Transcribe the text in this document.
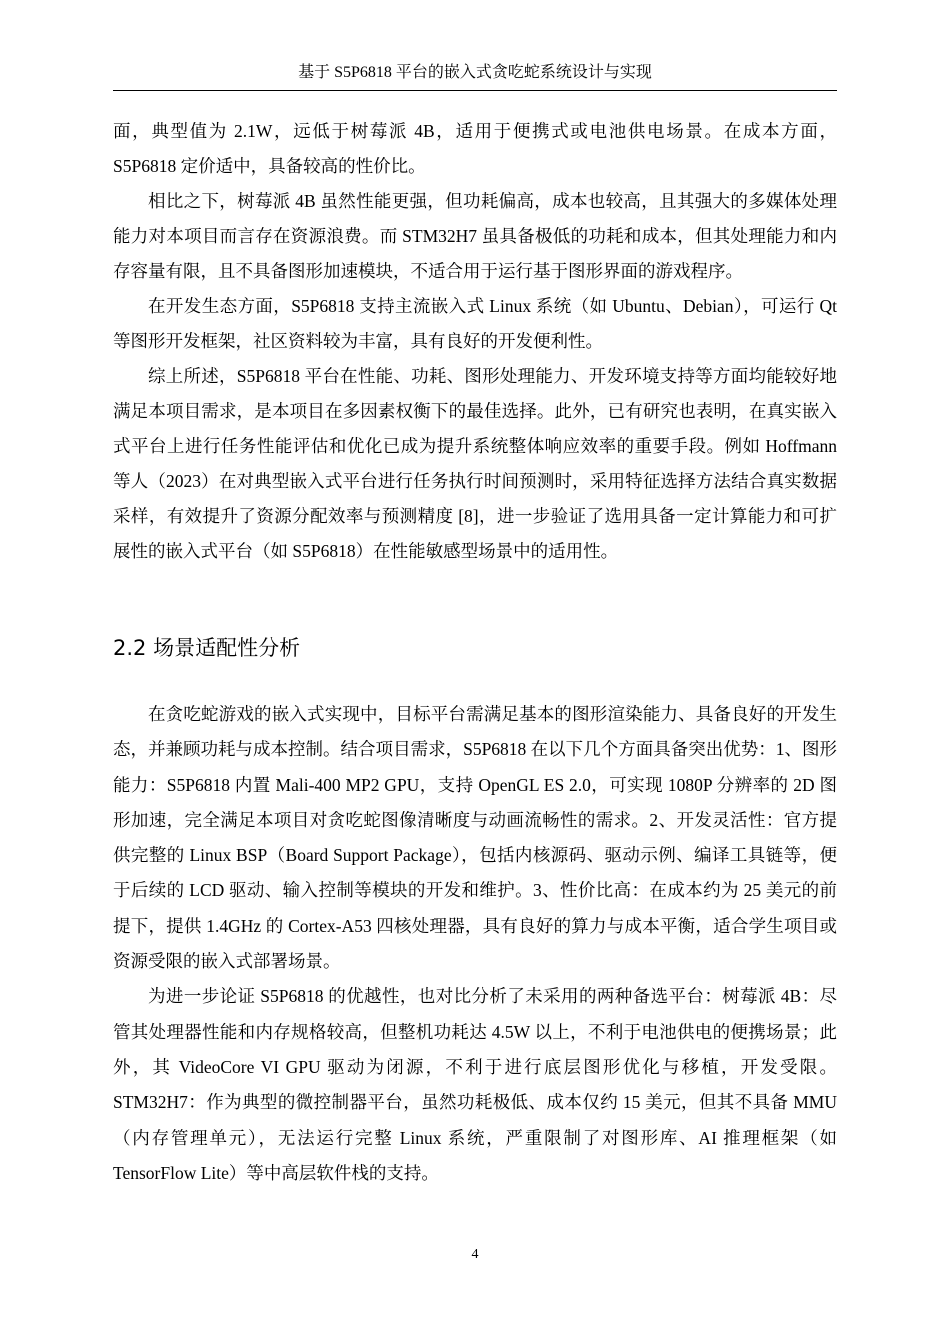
基于 S5P6818 平台的嵌入式贪吃蛇系统设计与实现

面，典型值为 2.1W，远低于树莓派 4B，适用于便携式或电池供电场景。在成本方面，S5P6818 定价适中，具备较高的性价比。

相比之下，树莓派 4B 虽然性能更强，但功耗偏高，成本也较高，且其强大的多媒体处理能力对本项目而言存在资源浪费。而 STM32H7 虽具备极低的功耗和成本，但其处理能力和内存容量有限，且不具备图形加速模块，不适合用于运行基于图形界面的游戏程序。

在开发生态方面，S5P6818 支持主流嵌入式 Linux 系统（如 Ubuntu、Debian），可运行 Qt 等图形开发框架，社区资料较为丰富，具有良好的开发便利性。

综上所述，S5P6818 平台在性能、功耗、图形处理能力、开发环境支持等方面均能较好地满足本项目需求，是本项目在多因素权衡下的最佳选择。此外，已有研究也表明，在真实嵌入式平台上进行任务性能评估和优化已成为提升系统整体响应效率的重要手段。例如 Hoffmann 等人（2023）在对典型嵌入式平台进行任务执行时间预测时，采用特征选择方法结合真实数据采样，有效提升了资源分配效率与预测精度 [8]，进一步验证了选用具备一定计算能力和可扩展性的嵌入式平台（如 S5P6818）在性能敏感型场景中的适用性。

2.2 场景适配性分析

在贪吃蛇游戏的嵌入式实现中，目标平台需满足基本的图形渲染能力、具备良好的开发生态，并兼顾功耗与成本控制。结合项目需求，S5P6818 在以下几个方面具备突出优势：1、图形能力：S5P6818 内置 Mali-400 MP2 GPU，支持 OpenGL ES 2.0，可实现 1080P 分辨率的 2D 图形加速，完全满足本项目对贪吃蛇图像清晰度与动画流畅性的需求。2、开发灵活性：官方提供完整的 Linux BSP（Board Support Package），包括内核源码、驱动示例、编译工具链等，便于后续的 LCD 驱动、输入控制等模块的开发和维护。3、性价比高：在成本约为 25 美元的前提下，提供 1.4GHz 的 Cortex-A53 四核处理器，具有良好的算力与成本平衡，适合学生项目或资源受限的嵌入式部署场景。

为进一步论证 S5P6818 的优越性，也对比分析了未采用的两种备选平台：树莓派 4B：尽管其处理器性能和内存规格较高，但整机功耗达 4.5W 以上，不利于电池供电的便携场景；此外，其 VideoCore VI GPU 驱动为闭源，不利于进行底层图形优化与移植，开发受限。STM32H7：作为典型的微控制器平台，虽然功耗极低、成本仅约 15 美元，但其不具备 MMU（内存管理单元），无法运行完整 Linux 系统，严重限制了对图形库、AI 推理框架（如 TensorFlow Lite）等中高层软件栈的支持。

4
